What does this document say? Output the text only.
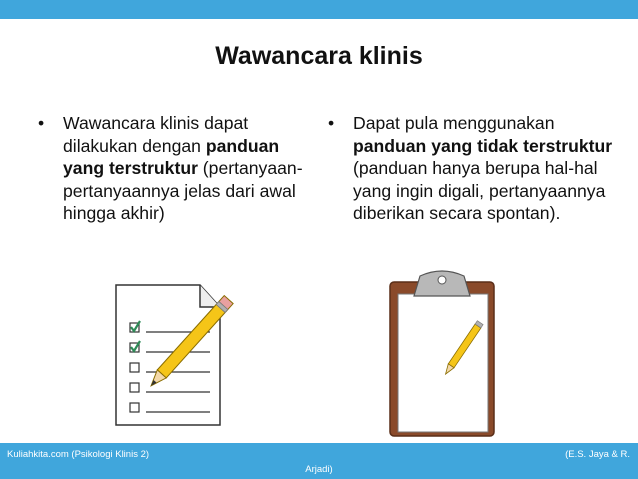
Wawancara klinis
• Wawancara klinis dapat dilakukan dengan panduan yang terstruktur (pertanyaan-pertanyaannya jelas dari awal hingga akhir)
• Dapat pula menggunakan panduan yang tidak terstruktur (panduan hanya berupa hal-hal yang ingin digali, pertanyaannya diberikan secara spontan).
Kuliahkita.com (Psikologi Klinis 2)	(E.S. Jaya & R.
Arjadi)
